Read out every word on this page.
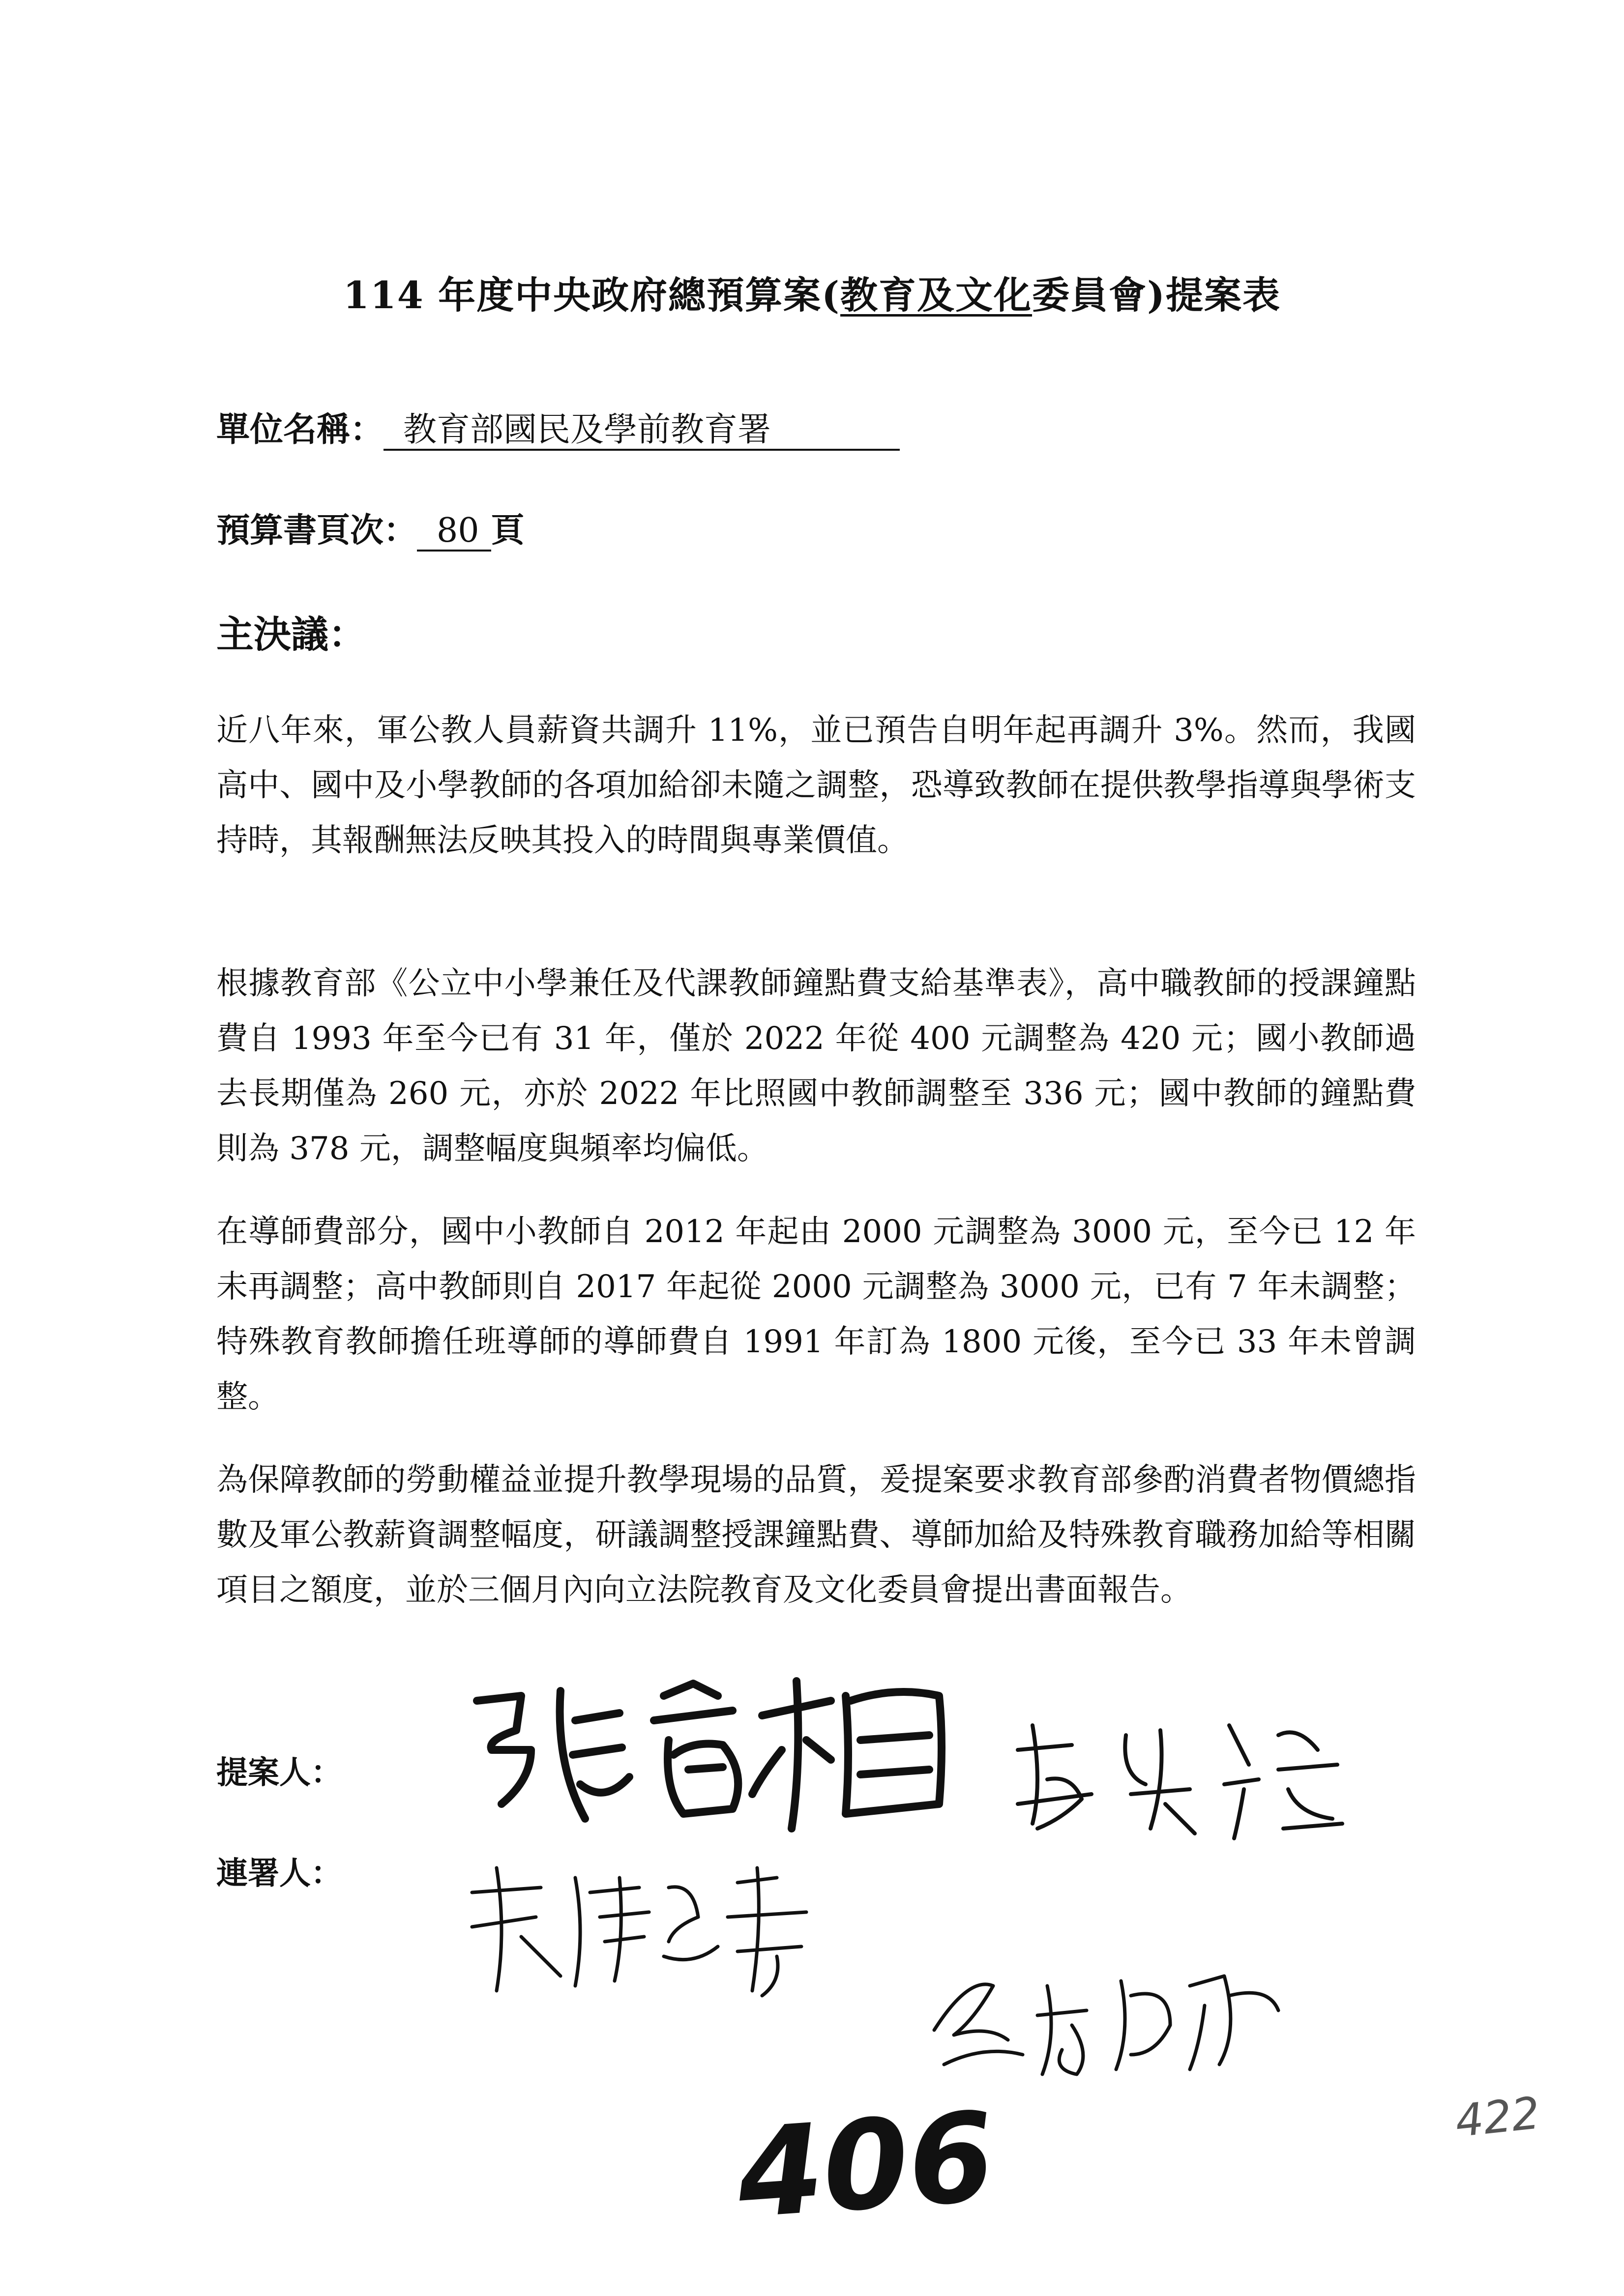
114 年度中央政府總預算案(教育及文化委員會)提案表
單位名稱： 教育部國民及學前教育署
預算書頁次： 80 頁
主決議：

近八年來，軍公教人員薪資共調升 11%，並已預告自明年起再調升 3%。然而，我國高中、國中及小學教師的各項加給卻未隨之調整，恐導致教師在提供教學指導與學術支持時，其報酬無法反映其投入的時間與專業價值。

根據教育部《公立中小學兼任及代課教師鐘點費支給基準表》，高中職教師的授課鐘點費自 1993 年至今已有 31 年，僅於 2022 年從 400 元調整為 420 元；國小教師過去長期僅為 260 元，亦於 2022 年比照國中教師調整至 336 元；國中教師的鐘點費則為 378 元，調整幅度與頻率均偏低。

在導師費部分，國中小教師自 2012 年起由 2000 元調整為 3000 元，至今已 12 年未再調整；高中教師則自 2017 年起從 2000 元調整為 3000 元，已有 7 年未調整；特殊教育教師擔任班導師的導師費自 1991 年訂為 1800 元後，至今已 33 年未曾調整。

為保障教師的勞動權益並提升教學現場的品質，爰提案要求教育部參酌消費者物價總指數及軍公教薪資調整幅度，研議調整授課鐘點費、導師加給及特殊教育職務加給等相關項目之額度，並於三個月內向立法院教育及文化委員會提出書面報告。

提案人：
連署人：
406	422
